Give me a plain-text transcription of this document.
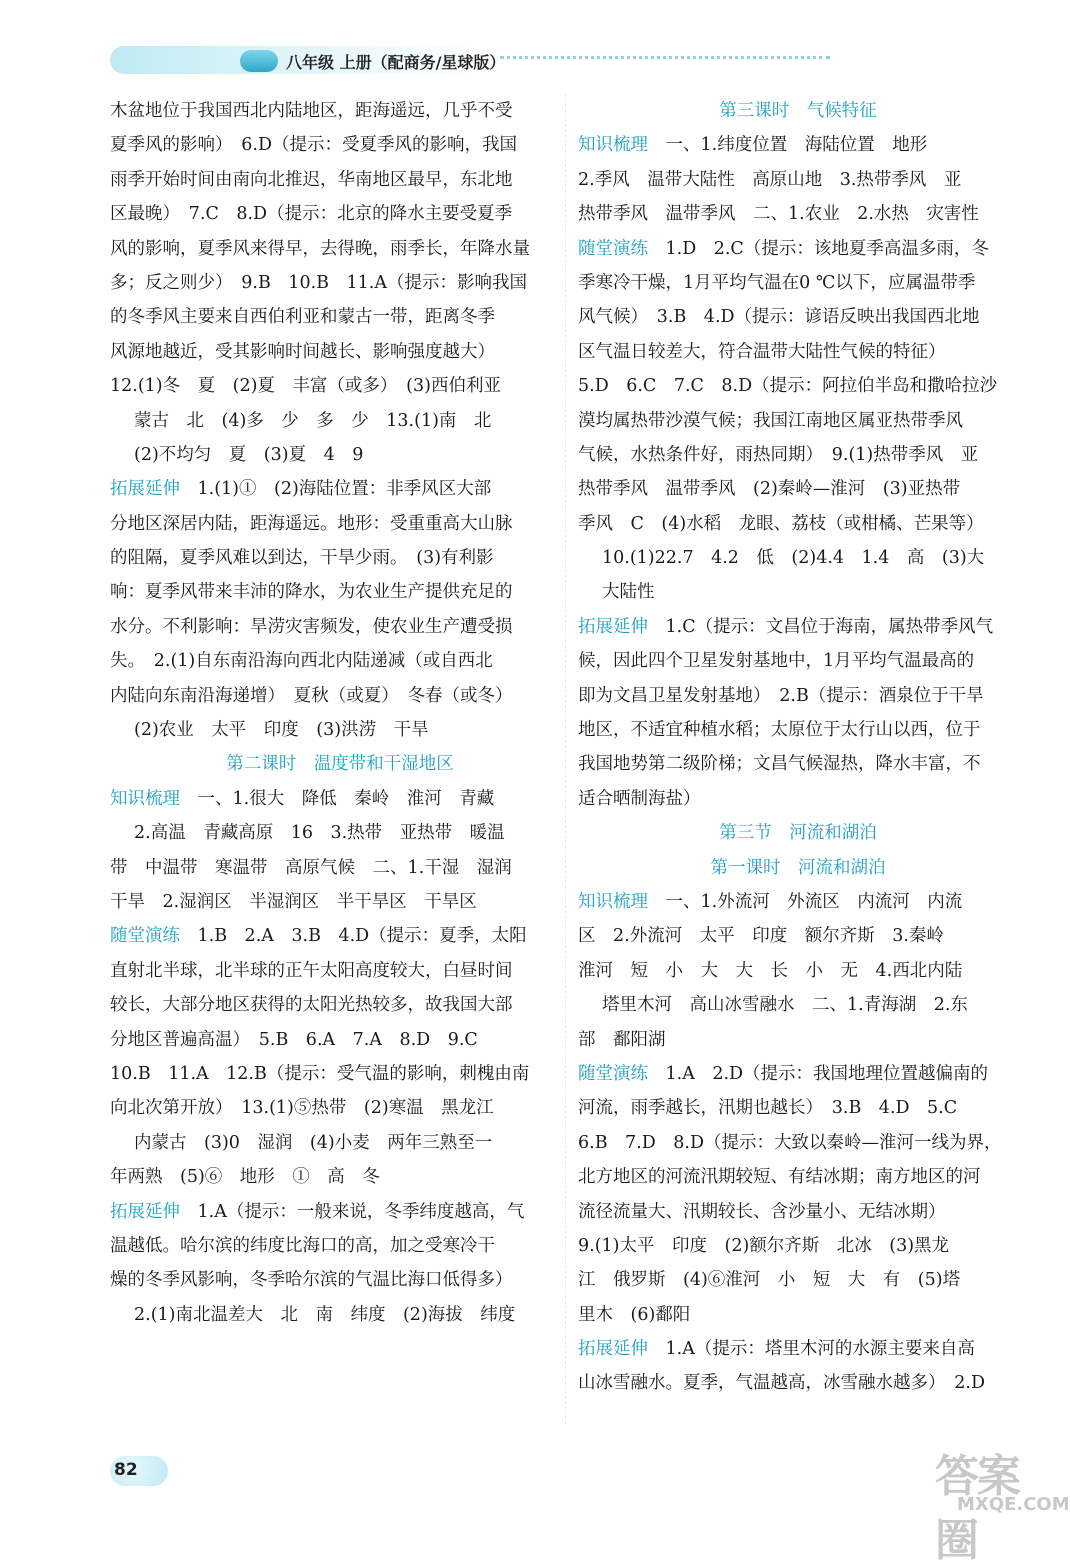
八年级 上册（配商务/星球版）
木盆地位于我国西北内陆地区，距海遥远，几乎不受
夏季风的影响）　6.D（提示：受夏季风的影响，我国
雨季开始时间由南向北推迟，华南地区最早，东北地
区最晚）　7.C　8.D（提示：北京的降水主要受夏季
风的影响，夏季风来得早，去得晚，雨季长，年降水量
多；反之则少）　9.B　10.B　11.A（提示：影响我国
的冬季风主要来自西伯利亚和蒙古一带，距离冬季
风源地越近，受其影响时间越长、影响强度越大）
12.(1)冬　夏　(2)夏　丰富（或多）　(3)西伯利亚
蒙古　北　(4)多　少　多　少　13.(1)南　北
(2)不均匀　夏　(3)夏　4　9
拓展延伸　1.(1)①　(2)海陆位置：非季风区大部
分地区深居内陆，距海遥远。地形：受重重高大山脉
的阻隔，夏季风难以到达，干旱少雨。　(3)有利影
响：夏季风带来丰沛的降水，为农业生产提供充足的
水分。不利影响：旱涝灾害频发，使农业生产遭受损
失。　2.(1)自东南沿海向西北内陆递减（或自西北
内陆向东南沿海递增）　夏秋（或夏）　冬春（或冬）
(2)农业　太平　印度　(3)洪涝　干旱
第二课时　温度带和干湿地区
知识梳理　一、1.很大　降低　秦岭　淮河　青藏
2.高温　青藏高原　16　3.热带　亚热带　暖温
带　中温带　寒温带　高原气候　二、1.干湿　湿润
干旱　2.湿润区　半湿润区　半干旱区　干旱区
随堂演练　1.B　2.A　3.B　4.D（提示：夏季，太阳
直射北半球，北半球的正午太阳高度较大，白昼时间
较长，大部分地区获得的太阳光热较多，故我国大部
分地区普遍高温）　5.B　6.A　7.A　8.D　9.C
10.B　11.A　12.B（提示：受气温的影响，刺槐由南
向北次第开放）　13.(1)⑤热带　(2)寒温　黑龙江
内蒙古　(3)0　湿润　(4)小麦　两年三熟至一
年两熟　(5)⑥　地形　①　高　冬
拓展延伸　1.A（提示：一般来说，冬季纬度越高，气
温越低。哈尔滨的纬度比海口的高，加之受寒冷干
燥的冬季风影响，冬季哈尔滨的气温比海口低得多）
2.(1)南北温差大　北　南　纬度　(2)海拔　纬度
第三课时　气候特征
知识梳理　一、1.纬度位置　海陆位置　地形
2.季风　温带大陆性　高原山地　3.热带季风　亚
热带季风　温带季风　二、1.农业　2.水热　灾害性
随堂演练　1.D　2.C（提示：该地夏季高温多雨，冬
季寒冷干燥，1月平均气温在0 ℃以下，应属温带季
风气候）　3.B　4.D（提示：谚语反映出我国西北地
区气温日较差大，符合温带大陆性气候的特征）
5.D　6.C　7.C　8.D（提示：阿拉伯半岛和撒哈拉沙
漠均属热带沙漠气候；我国江南地区属亚热带季风
气候，水热条件好，雨热同期）　9.(1)热带季风　亚
热带季风　温带季风　(2)秦岭—淮河　(3)亚热带
季风　C　(4)水稻　龙眼、荔枝（或柑橘、芒果等）
10.(1)22.7　4.2　低　(2)4.4　1.4　高　(3)大
大陆性
拓展延伸　1.C（提示：文昌位于海南，属热带季风气
候，因此四个卫星发射基地中，1月平均气温最高的
即为文昌卫星发射基地）　2.B（提示：酒泉位于干旱
地区，不适宜种植水稻；太原位于太行山以西，位于
我国地势第二级阶梯；文昌气候湿热，降水丰富，不
适合晒制海盐）
第三节　河流和湖泊
第一课时　河流和湖泊
知识梳理　一、1.外流河　外流区　内流河　内流
区　2.外流河　太平　印度　额尔齐斯　3.秦岭
淮河　短　小　大　大　长　小　无　4.西北内陆
塔里木河　高山冰雪融水　二、1.青海湖　2.东
部　鄱阳湖
随堂演练　1.A　2.D（提示：我国地理位置越偏南的
河流，雨季越长，汛期也越长）　3.B　4.D　5.C
6.B　7.D　8.D（提示：大致以秦岭—淮河一线为界，
北方地区的河流汛期较短、有结冰期；南方地区的河
流径流量大、汛期较长、含沙量小、无结冰期）
9.(1)太平　印度　(2)额尔齐斯　北冰　(3)黑龙
江　俄罗斯　(4)⑥淮河　小　短　大　有　(5)塔
里木　(6)鄱阳
拓展延伸　1.A（提示：塔里木河的水源主要来自高
山冰雪融水。夏季，气温越高，冰雪融水越多）　2.D
82	答案圈
MXQE.COM
